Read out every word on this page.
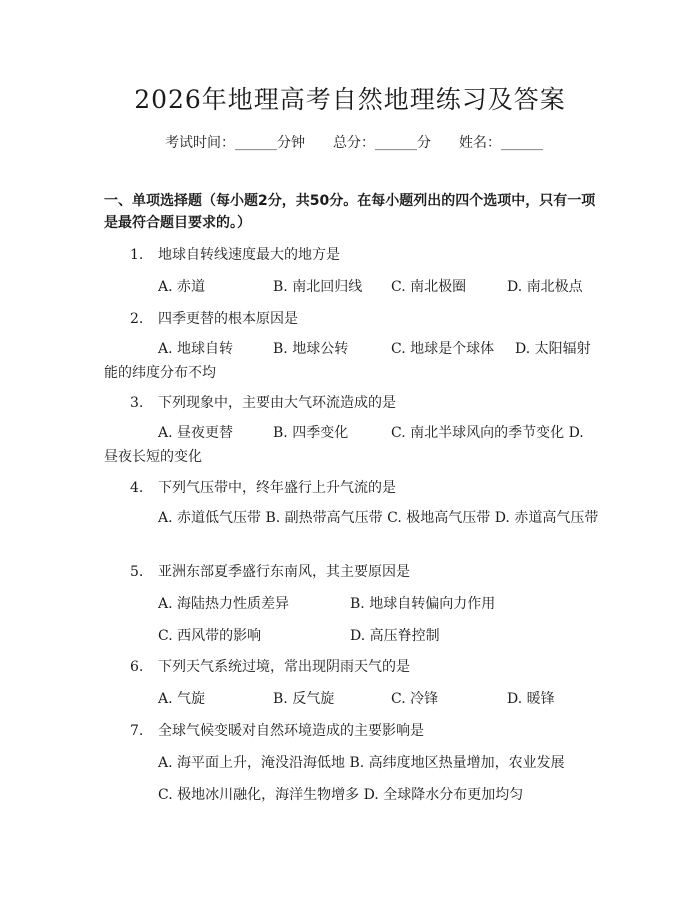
2026年地理高考自然地理练习及答案
考试时间：______分钟 总分：______分 姓名：______
一、单项选择题（每小题2分，共50分。在每小题列出的四个选项中，只有一项是最符合题目要求的。）
1. 地球自转线速度最大的地方是
A. 赤道	B. 南北回归线 C. 南北极圈	D. 南北极点
2. 四季更替的根本原因是
A. 地球自转	B. 地球公转	C. 地球是个球体 D. 太阳辐射能的纬度分布不均
3. 下列现象中，主要由大气环流造成的是
A. 昼夜更替	B. 四季变化	C. 南北半球风向的季节变化 D. 昼夜长短的变化
4. 下列气压带中，终年盛行上升气流的是
A. 赤道低气压带 B. 副热带高气压带 C. 极地高气压带 D. 赤道高气压带
5. 亚洲东部夏季盛行东南风，其主要原因是
A. 海陆热力性质差异	B. 地球自转偏向力作用
C. 西风带的影响	D. 高压脊控制
6. 下列天气系统过境，常出现阴雨天气的是
A. 气旋	B. 反气旋	C. 冷锋	D. 暖锋
7. 全球气候变暖对自然环境造成的主要影响是
A. 海平面上升，淹没沿海低地 B. 高纬度地区热量增加，农业发展
C. 极地冰川融化，海洋生物增多 D. 全球降水分布更加均匀
